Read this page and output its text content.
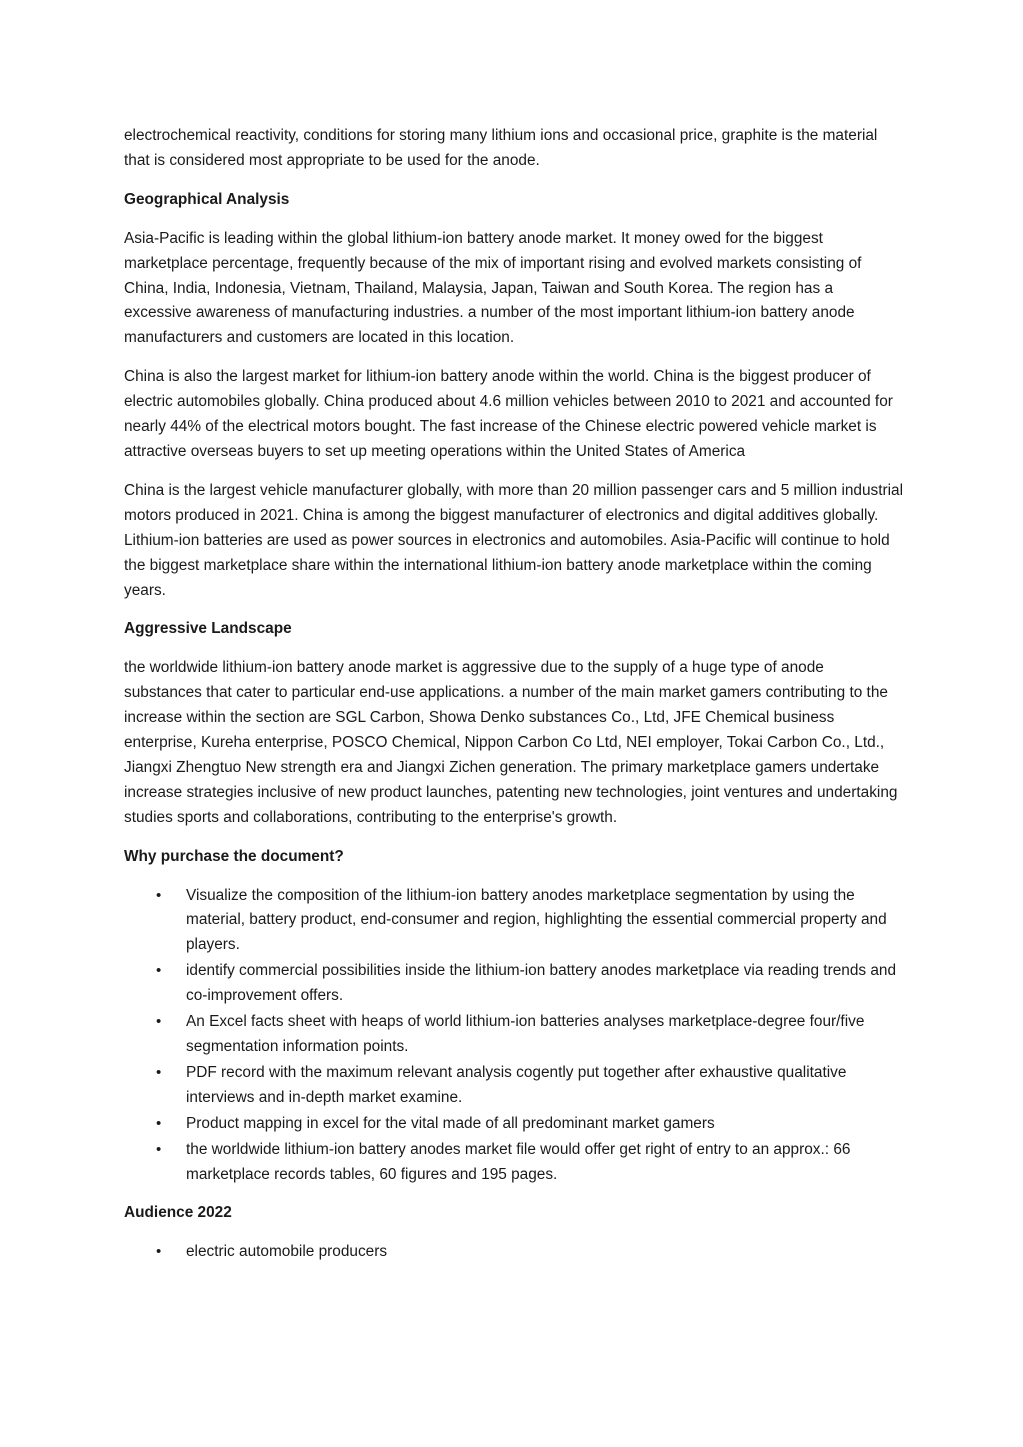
electrochemical reactivity, conditions for storing many lithium ions and occasional price, graphite is the material that is considered most appropriate to be used for the anode.

Geographical Analysis

Asia-Pacific is leading within the global lithium-ion battery anode market. It money owed for the biggest marketplace percentage, frequently because of the mix of important rising and evolved markets consisting of China, India, Indonesia, Vietnam, Thailand, Malaysia, Japan, Taiwan and South Korea. The region has a excessive awareness of manufacturing industries. a number of the most important lithium-ion battery anode manufacturers and customers are located in this location.

China is also the largest market for lithium-ion battery anode within the world. China is the biggest producer of electric automobiles globally. China produced about 4.6 million vehicles between 2010 to 2021 and accounted for nearly 44% of the electrical motors bought. The fast increase of the Chinese electric powered vehicle market is attractive overseas buyers to set up meeting operations within the United States of America

China is the largest vehicle manufacturer globally, with more than 20 million passenger cars and 5 million industrial motors produced in 2021. China is among the biggest manufacturer of electronics and digital additives globally. Lithium-ion batteries are used as power sources in electronics and automobiles. Asia-Pacific will continue to hold the biggest marketplace share within the international lithium-ion battery anode marketplace within the coming years.

Aggressive Landscape

the worldwide lithium-ion battery anode market is aggressive due to the supply of a huge type of anode substances that cater to particular end-use applications. a number of the main market gamers contributing to the increase within the section are SGL Carbon, Showa Denko substances Co., Ltd, JFE Chemical business enterprise, Kureha enterprise, POSCO Chemical, Nippon Carbon Co Ltd, NEI employer, Tokai Carbon Co., Ltd., Jiangxi Zhengtuo New strength era and Jiangxi Zichen generation. The primary marketplace gamers undertake increase strategies inclusive of new product launches, patenting new technologies, joint ventures and undertaking studies sports and collaborations, contributing to the enterprise's growth.

Why purchase the document?
• Visualize the composition of the lithium-ion battery anodes marketplace segmentation by using the material, battery product, end-consumer and region, highlighting the essential commercial property and players.
• identify commercial possibilities inside the lithium-ion battery anodes marketplace via reading trends and co-improvement offers.
• An Excel facts sheet with heaps of world lithium-ion batteries analyses marketplace-degree four/five segmentation information points.
• PDF record with the maximum relevant analysis cogently put together after exhaustive qualitative interviews and in-depth market examine.
• Product mapping in excel for the vital made of all predominant market gamers
• the worldwide lithium-ion battery anodes market file would offer get right of entry to an approx.: 66 marketplace records tables, 60 figures and 195 pages.
Audience 2022
• electric automobile producers
